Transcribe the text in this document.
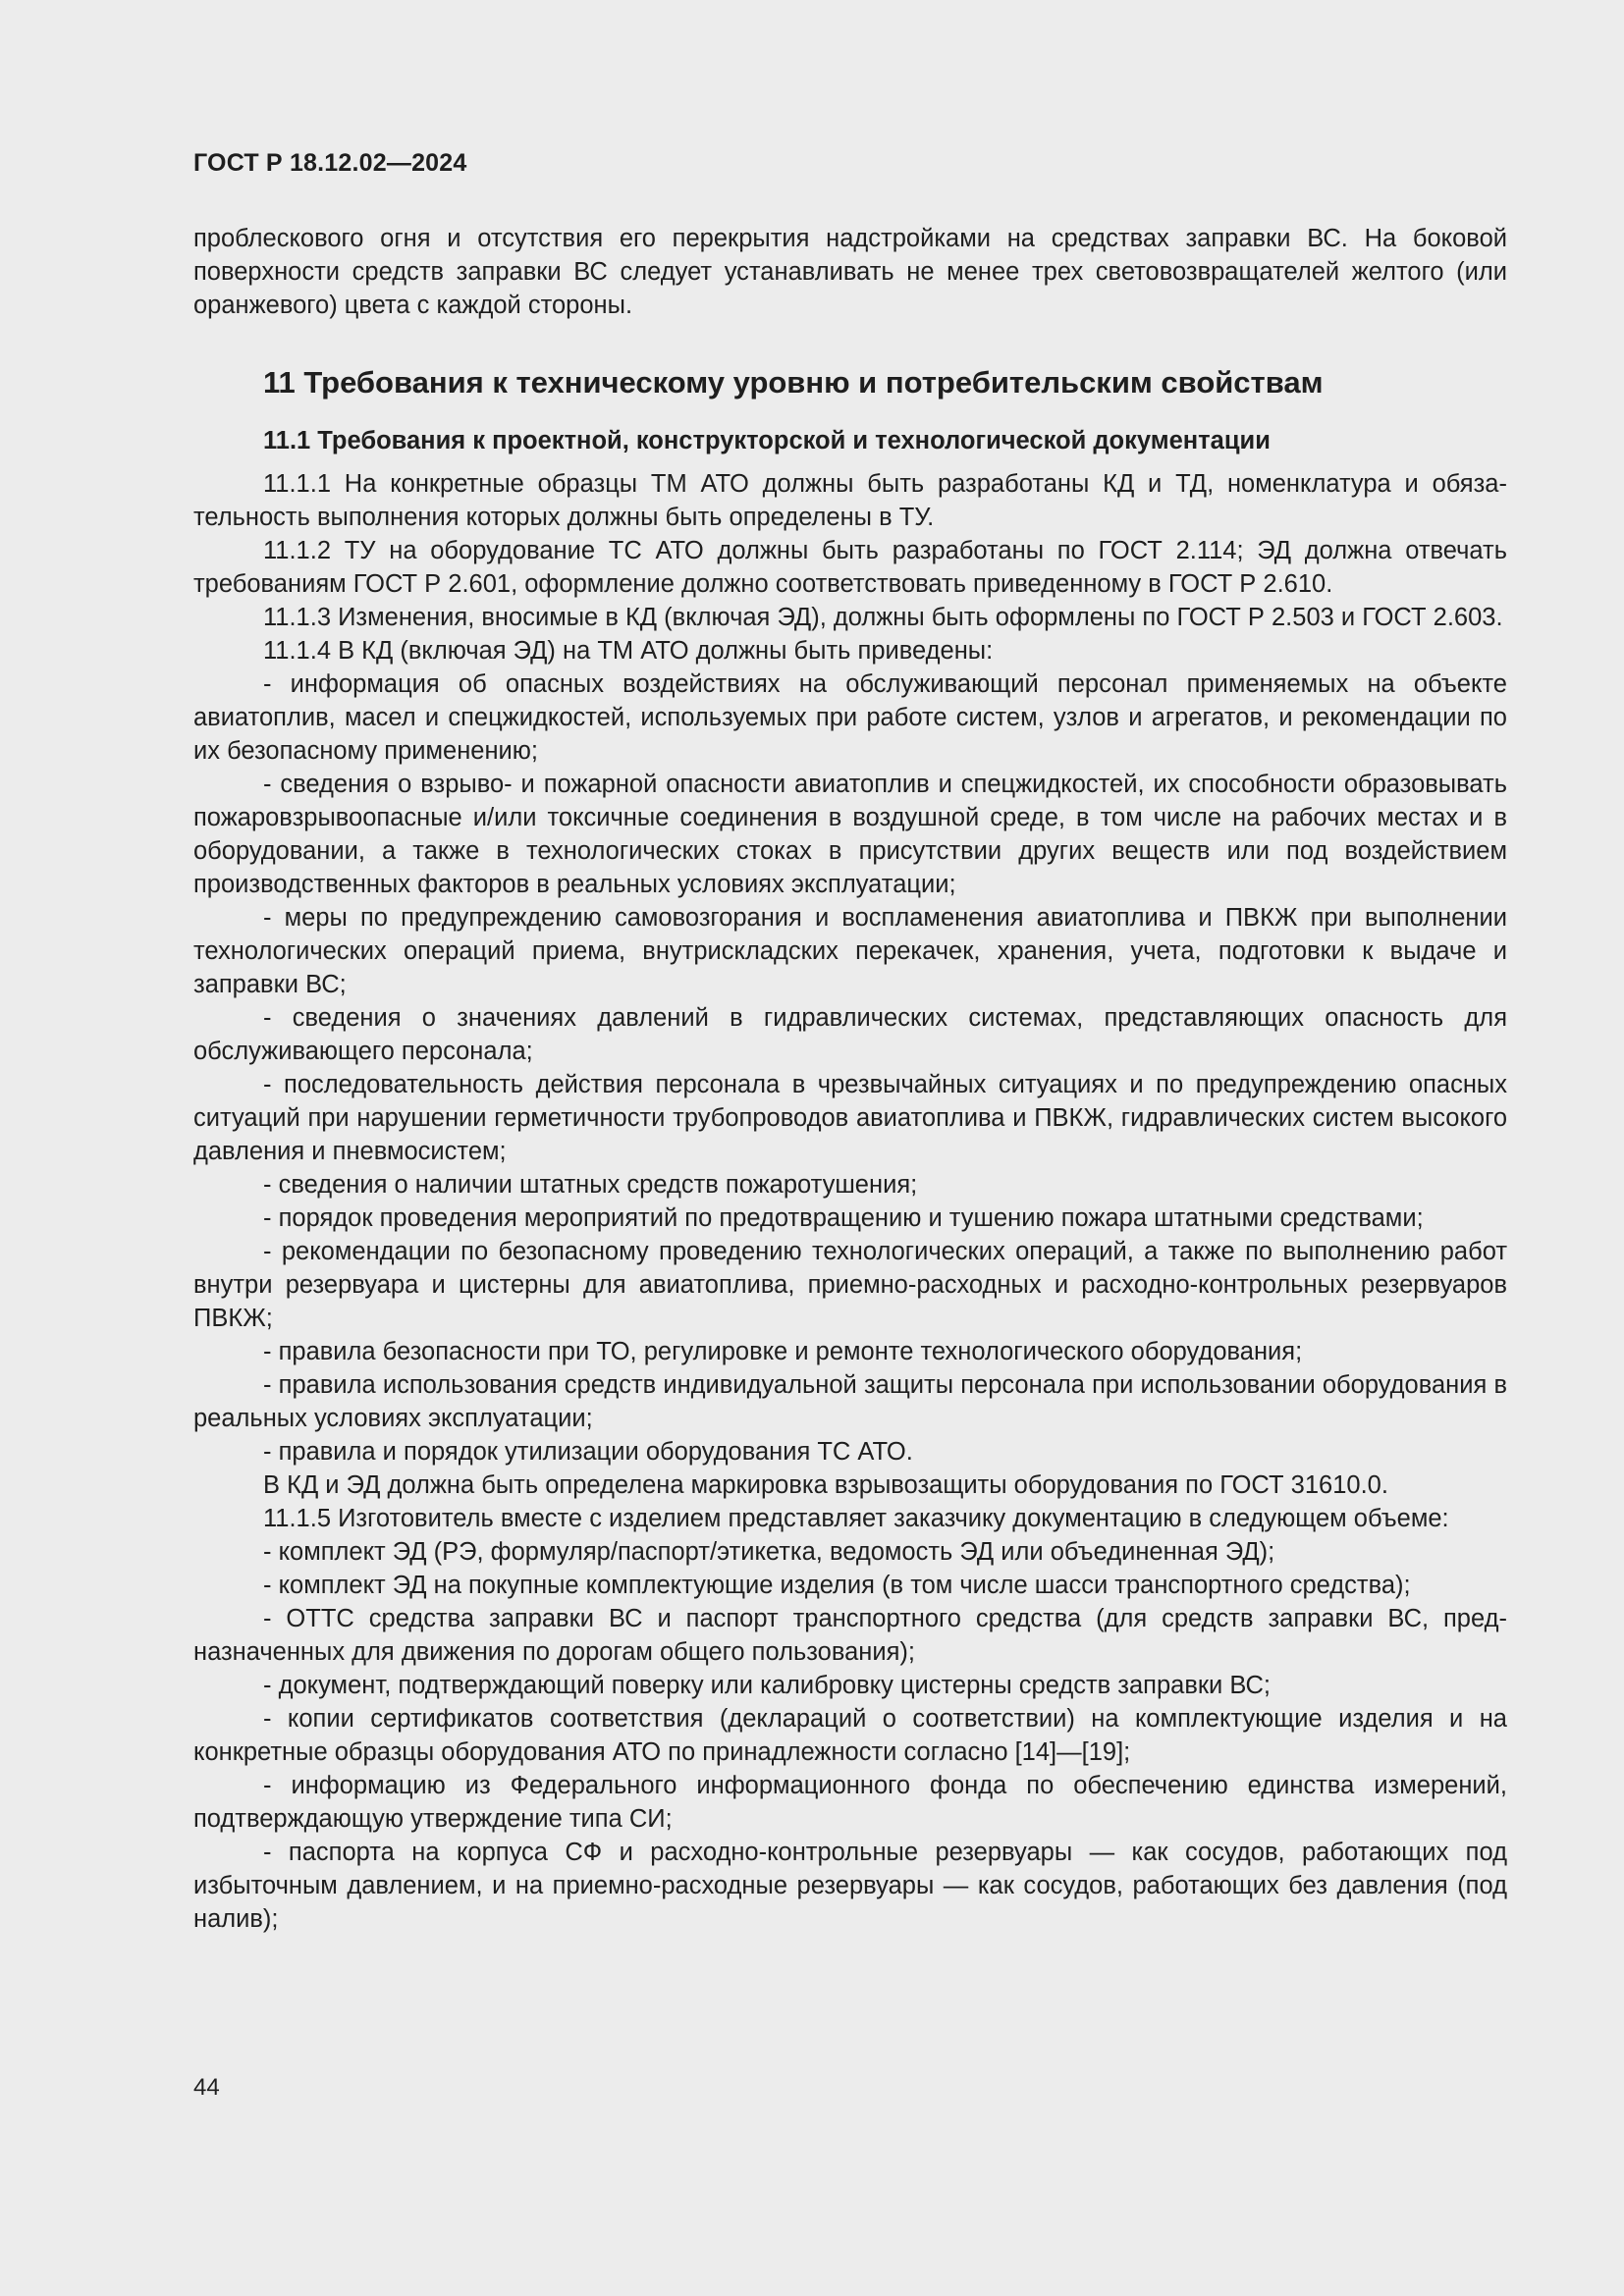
ГОСТ Р 18.12.02—2024

проблескового огня и отсутствия его перекрытия надстройками на средствах заправки ВС. На боковой поверхности средств заправки ВС следует устанавливать не менее трех световозвращателей желтого (или оранжевого) цвета с каждой стороны.

11 Требования к техническому уровню и потребительским свойствам
11.1 Требования к проектной, конструкторской и технологической документации

11.1.1 На конкретные образцы ТМ АТО должны быть разработаны КД и ТД, номенклатура и обязательность выполнения которых должны быть определены в ТУ.

11.1.2 ТУ на оборудование ТС АТО должны быть разработаны по ГОСТ 2.114; ЭД должна отвечать требованиям ГОСТ Р 2.601, оформление должно соответствовать приведенному в ГОСТ Р 2.610.

11.1.3 Изменения, вносимые в КД (включая ЭД), должны быть оформлены по ГОСТ Р 2.503 и ГОСТ 2.603.

11.1.4 В КД (включая ЭД) на ТМ АТО должны быть приведены:

- информация об опасных воздействиях на обслуживающий персонал применяемых на объекте авиатоплив, масел и спецжидкостей, используемых при работе систем, узлов и агрегатов, и рекомендации по их безопасному применению;

- сведения о взрыво- и пожарной опасности авиатоплив и спецжидкостей, их способности образовывать пожаровзрывоопасные и/или токсичные соединения в воздушной среде, в том числе на рабочих местах и в оборудовании, а также в технологических стоках в присутствии других веществ или под воздействием производственных факторов в реальных условиях эксплуатации;

- меры по предупреждению самовозгорания и воспламенения авиатоплива и ПВКЖ при выполнении технологических операций приема, внутрискладских перекачек, хранения, учета, подготовки к выдаче и заправки ВС;

- сведения о значениях давлений в гидравлических системах, представляющих опасность для обслуживающего персонала;

- последовательность действия персонала в чрезвычайных ситуациях и по предупреждению опасных ситуаций при нарушении герметичности трубопроводов авиатоплива и ПВКЖ, гидравлических систем высокого давления и пневмосистем;

- сведения о наличии штатных средств пожаротушения;

- порядок проведения мероприятий по предотвращению и тушению пожара штатными средствами;

- рекомендации по безопасному проведению технологических операций, а также по выполнению работ внутри резервуара и цистерны для авиатоплива, приемно-расходных и расходно-контрольных резервуаров ПВКЖ;

- правила безопасности при ТО, регулировке и ремонте технологического оборудования;

- правила использования средств индивидуальной защиты персонала при использовании оборудования в реальных условиях эксплуатации;

- правила и порядок утилизации оборудования ТС АТО.

В КД и ЭД должна быть определена маркировка взрывозащиты оборудования по ГОСТ 31610.0.

11.1.5 Изготовитель вместе с изделием представляет заказчику документацию в следующем объеме:

- комплект ЭД (РЭ, формуляр/паспорт/этикетка, ведомость ЭД или объединенная ЭД);

- комплект ЭД на покупные комплектующие изделия (в том числе шасси транспортного средства);

- ОТТС средства заправки ВС и паспорт транспортного средства (для средств заправки ВС, предназначенных для движения по дорогам общего пользования);

- документ, подтверждающий поверку или калибровку цистерны средств заправки ВС;

- копии сертификатов соответствия (деклараций о соответствии) на комплектующие изделия и на конкретные образцы оборудования АТО по принадлежности согласно [14]—[19];

- информацию из Федерального информационного фонда по обеспечению единства измерений, подтверждающую утверждение типа СИ;

- паспорта на корпуса СФ и расходно-контрольные резервуары — как сосудов, работающих под избыточным давлением, и на приемно-расходные резервуары — как сосудов, работающих без давления (под налив);

44
